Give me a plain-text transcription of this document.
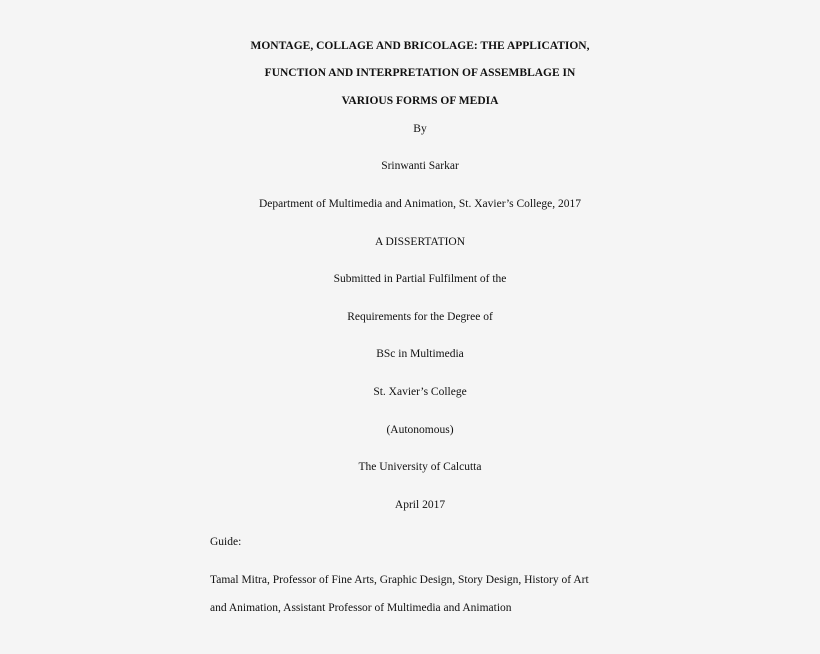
MONTAGE, COLLAGE AND BRICOLAGE: THE APPLICATION,
FUNCTION AND INTERPRETATION OF ASSEMBLAGE IN
VARIOUS FORMS OF MEDIA
By
Srinwanti Sarkar
Department of Multimedia and Animation, St. Xavier’s College, 2017
A DISSERTATION
Submitted in Partial Fulfilment of the
Requirements for the Degree of
BSc in Multimedia
St. Xavier’s College
(Autonomous)
The University of Calcutta
April 2017
Guide:
Tamal Mitra, Professor of Fine Arts, Graphic Design, Story Design, History of Art
and Animation, Assistant Professor of Multimedia and Animation
